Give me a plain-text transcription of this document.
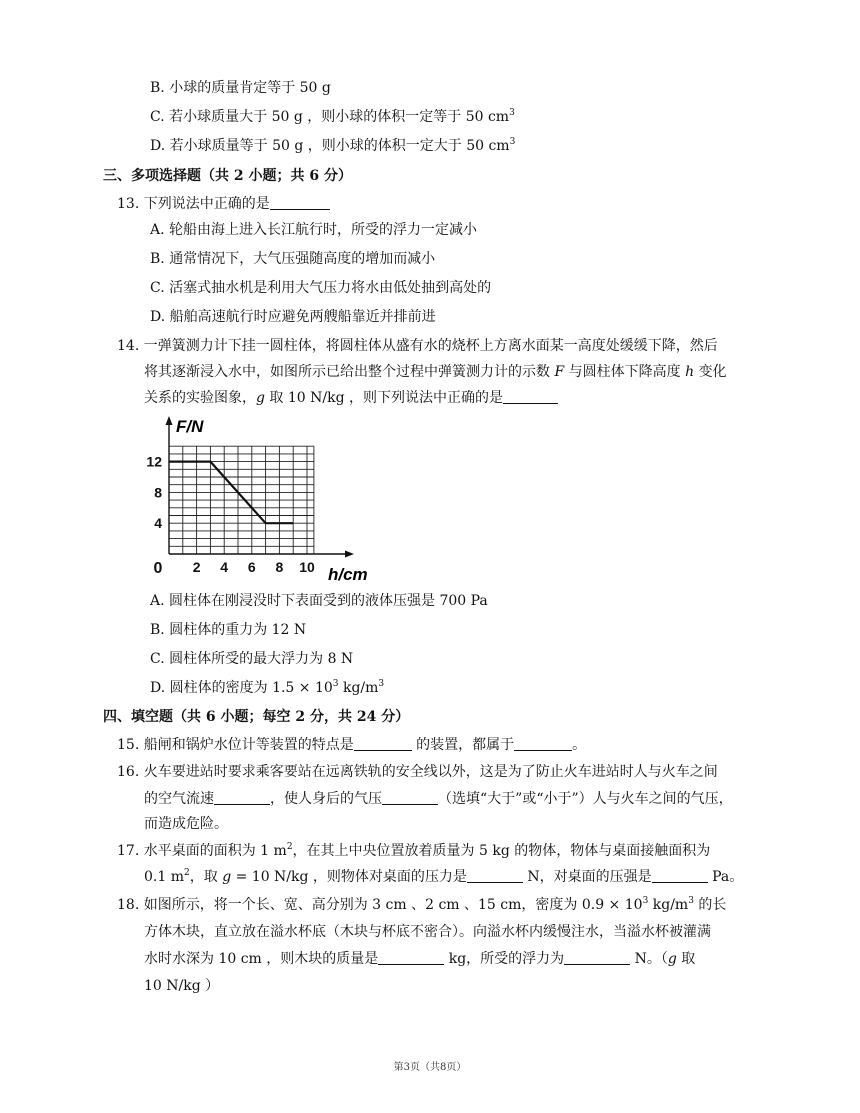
B. 小球的质量肯定等于 50 g
C. 若小球质量大于 50 g ，则小球的体积一定等于 50 $cm^3$
D. 若小球质量等于 50 g ，则小球的体积一定大于 50 $cm^3$
三、多项选择题（共 2 小题；共 6 分）
13. 下列说法中正确的是
A. 轮船由海上进入长江航行时，所受的浮力一定减小
B. 通常情况下，大气压强随高度的增加而减小
C. 活塞式抽水机是利用大气压力将水由低处抽到高处的
D. 船舶高速航行时应避免两艘船靠近并排前进
14. 一弹簧测力计下挂一圆柱体，将圆柱体从盛有水的烧杯上方离水面某一高度处缓缓下降，然后
将其逐渐浸入水中，如图所示已给出整个过程中弹簧测力计的示数 F 与圆柱体下降高度 h 变化
关系的实验图象，g 取 10 N/kg ，则下列说法中正确的是
0 2 4 6 8 10
4
8
12
F/N
h/cm
A. 圆柱体在刚浸没时下表面受到的液体压强是 700 Pa
B. 圆柱体的重力为 12 N
C. 圆柱体所受的最大浮力为 8 N
D. 圆柱体的密度为 $1.5 \times 10^3$ $kg/m^3$
四、填空题（共 6 小题；每空 2 分，共 24 分）
15. 船闸和锅炉水位计等装置的特点是	的装置，都属于	。
16. 火车要进站时要求乘客要站在远离铁轨的安全线以外，这是为了防止火车进站时人与火车之间
的空气流速	，使人身后的气压	（选填“大于”或“小于”）人与火车之间的气压，
而造成危险。
17. 水平桌面的面积为 1 $m^2$，在其上中央位置放着质量为 5 kg 的物体，物体与桌面接触面积为
0.1 $m^2$，取 g = 10 N/kg ，则物体对桌面的压力是	N，对桌面的压强是	Pa。
18. 如图所示，将一个长、宽、高分别为 3 cm 、2 cm 、15 cm，密度为 $0.9 \times 10^3$ $kg/m^3$ 的长
方体木块，直立放在溢水杯底（木块与杯底不密合）。向溢水杯内缓慢注水，当溢水杯被灌满
水时水深为 10 cm ，则木块的质量是	kg，所受的浮力为	N。（g 取
10 N/kg ）
第3页（共8页）
